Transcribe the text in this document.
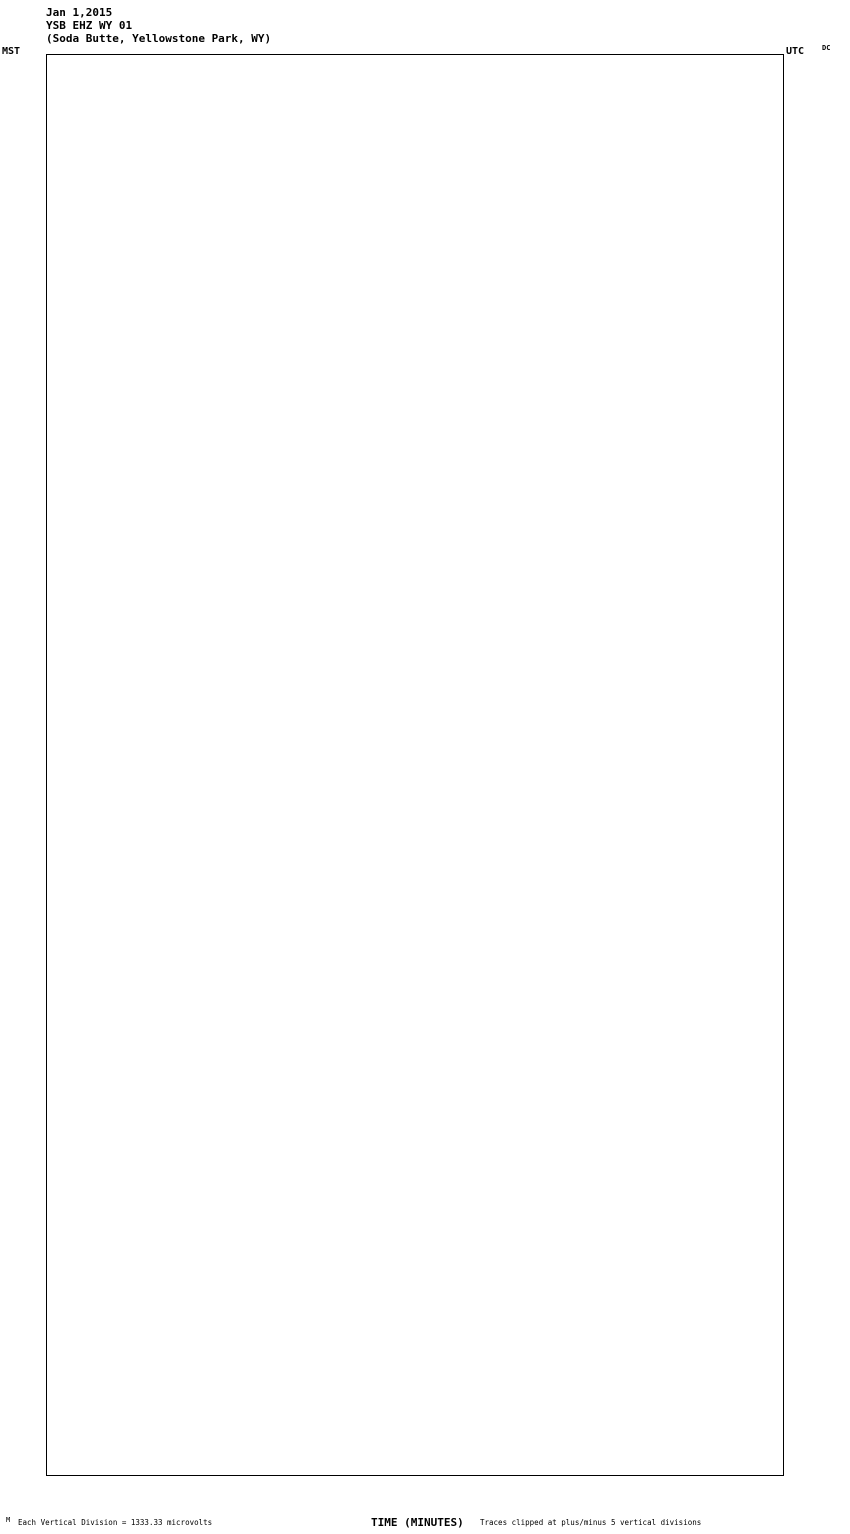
Jan 1,2015
YSB EHZ WY 01
(Soda Butte, Yellowstone Park, WY)
MST	UTC	DC
TIME (MINUTES)
Each Vertical Division = 1333.33 microvolts	Traces clipped at plus/minus 5 vertical divisions
M
